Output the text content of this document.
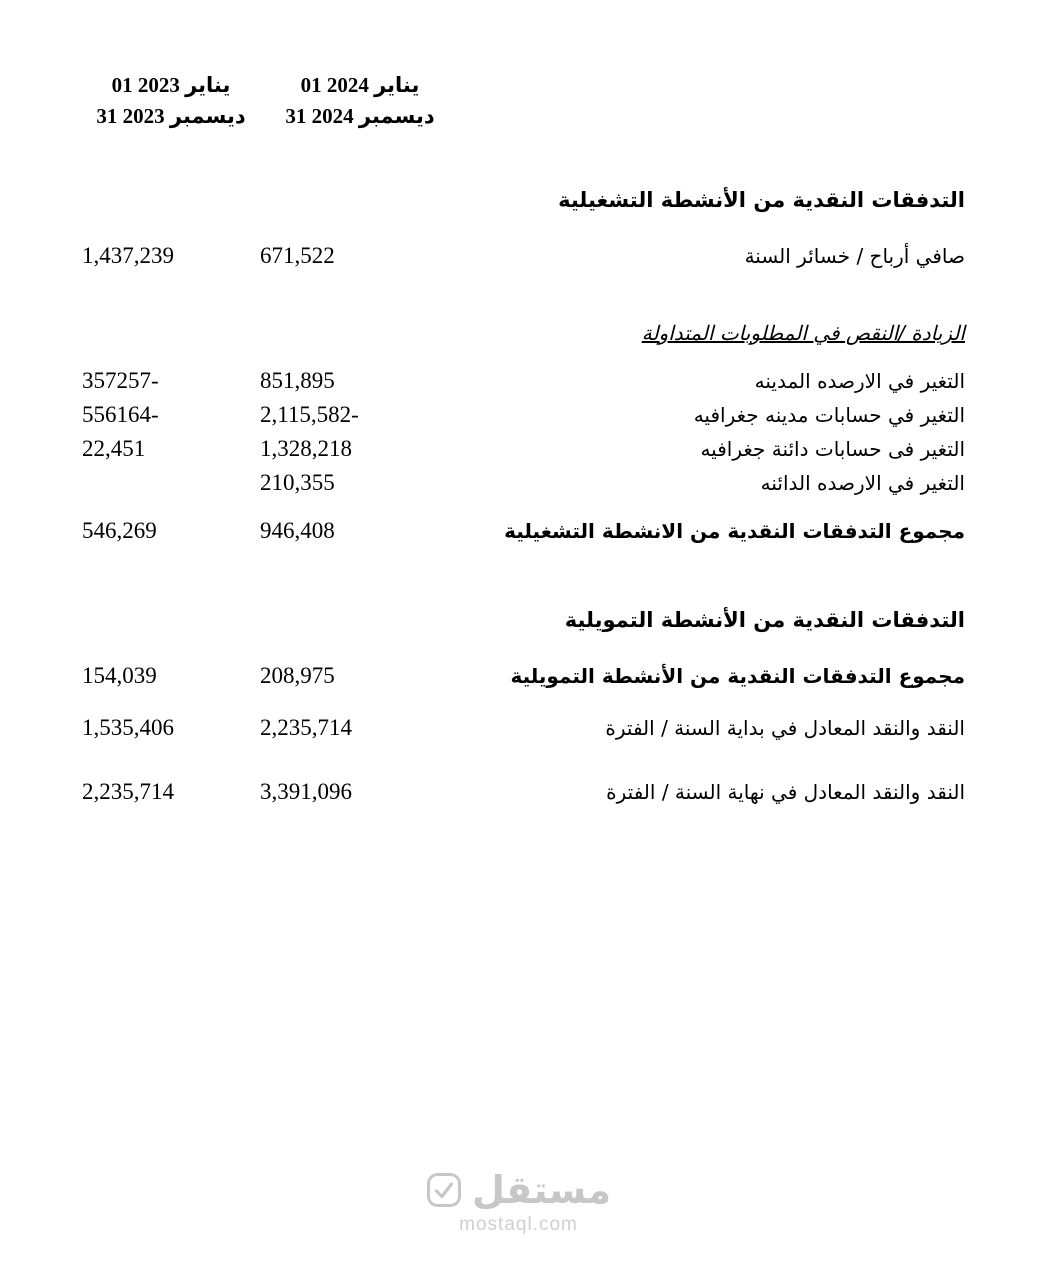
01 يناير 2024
31 ديسمبر 2024
01 يناير 2023
31 ديسمبر 2023
التدفقات النقدية من الأنشطة التشغيلية
صافي أرباح / خسائر السنة
671,522
1,437,239
الزيادة /النقص في المطلوبات المتداولة
التغير في الارصده المدينه
851,895
357257-
التغير في حسابات مدينه جغرافيه
2,115,582-
556164-
التغير فى حسابات دائنة جغرافيه
1,328,218
22,451
التغير في الارصده الدائنه
210,355
مجموع التدفقات النقدية من الانشطة التشغيلية
946,408
546,269
التدفقات النقدية من الأنشطة التمويلية
مجموع التدفقات النقدية من الأنشطة التمويلية
208,975
154,039
النقد والنقد المعادل في بداية السنة / الفترة
2,235,714
1,535,406
النقد والنقد المعادل في نهاية السنة / الفترة
3,391,096
2,235,714
مستقل
mostaql.com
